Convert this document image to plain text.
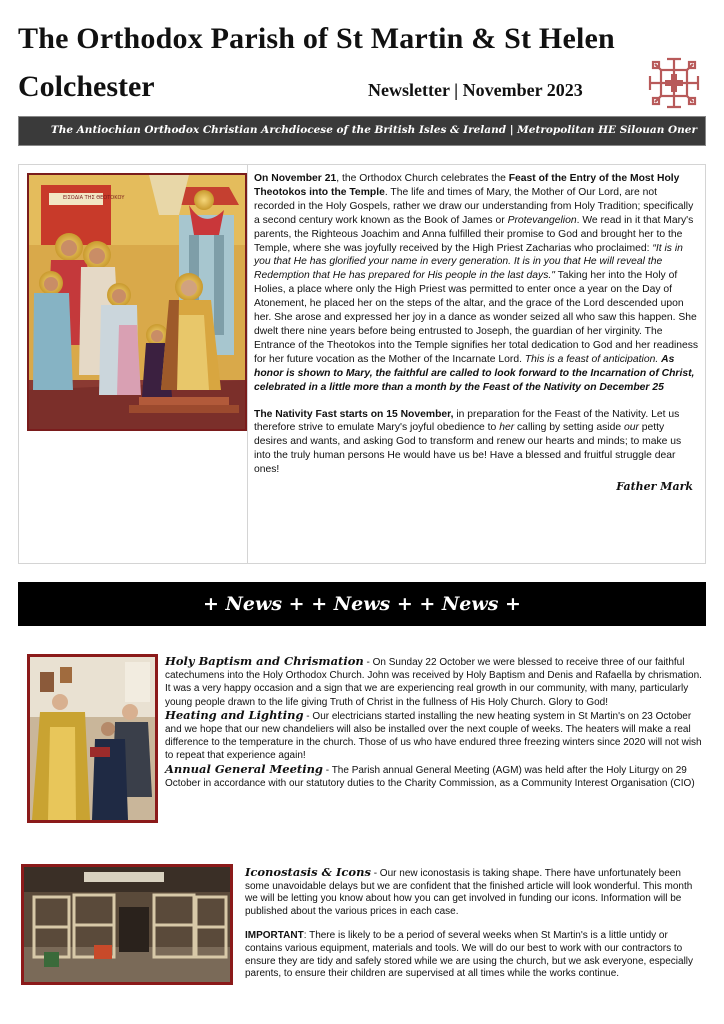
The Orthodox Parish of St Martin & St Helen
Colchester	Newsletter | November 2023
The Antiochian Orthodox Christian Archdiocese of the British Isles & Ireland | Metropolitan HE Silouan Oner
ΕΙΣΟΔΙΑ ΤΗΣ ΘΕΟΤΟΚΟΥ

On November 21, the Orthodox Church celebrates the Feast of the Entry of the Most Holy Theotokos into the Temple. The life and times of Mary, the Mother of Our Lord, are not recorded in the Holy Gospels, rather we draw our understanding from Holy Tradition; specifically a second century work known as the Book of James or Protevangelion. We read in it that Mary's parents, the Righteous Joachim and Anna fulfilled their promise to God and brought her to the Temple, where she was joyfully received by the High Priest Zacharias who proclaimed: “It is in you that He has glorified your name in every generation. It is in you that He will reveal the Redemption that He has prepared for His people in the last days." Taking her into the Holy of Holies, a place where only the High Priest was permitted to enter once a year on the Day of Atonement, he placed her on the steps of the altar, and the grace of the Lord descended upon her. She arose and expressed her joy in a dance as wonder seized all who saw this happen. She dwelt there nine years before being entrusted to Joseph, the guardian of her virginity. The Entrance of the Theotokos into the Temple signifies her total dedication to God and her readiness for her future vocation as the Mother of the Incarnate Lord. This is a feast of anticipation. As honor is shown to Mary, the faithful are called to look forward to the Incarnation of Christ, celebrated in a little more than a month by the Feast of the Nativity on December 25

The Nativity Fast starts on 15 November, in preparation for the Feast of the Nativity. Let us therefore strive to emulate Mary's joyful obedience to her calling by setting aside our petty desires and wants, and asking God to transform and renew our hearts and minds; to make us into the truly human persons He would have us be! Have a blessed and fruitful struggle dear ones!

Father Mark
+ News + + News + + News +

Holy Baptism and Chrismation - On Sunday 22 October we were blessed to receive three of our faithful catechumens into the Holy Orthodox Church. John was received by Holy Baptism and Denis and Rafaella by chrismation. It was a very happy occasion and a sign that we are experiencing real growth in our community, with many, particularly young people drawn to the life giving Truth of Christ in the fullness of His Holy Church. Glory to God!

Heating and Lighting - Our electricians started installing the new heating system in St Martin's on 23 October and we hope that our new chandeliers will also be installed over the next couple of weeks. The heaters will make a real difference to the temperature in the church. Those of us who have endured three freezing winters since 2020 will not wish to repeat that experience again!

Annual General Meeting - The Parish annual General Meeting (AGM) was held after the Holy Liturgy on 29 October in accordance with our statutory duties to the Charity Commission, as a Community Interest Organisation (CIO)

Iconostasis & Icons - Our new iconostasis is taking shape. There have unfortunately been some unavoidable delays but we are confident that the finished article will look wonderful. This month we will be letting you know about how you can get involved in funding our icons. Information will be published about the various prices in each case.

IMPORTANT: There is likely to be a period of several weeks when St Martin's is a little untidy or contains various equipment, materials and tools. We will do our best to work with our contractors to ensure they are tidy and safely stored while we are using the church, but we ask everyone, especially parents, to ensure their children are supervised at all times while the works continue.
